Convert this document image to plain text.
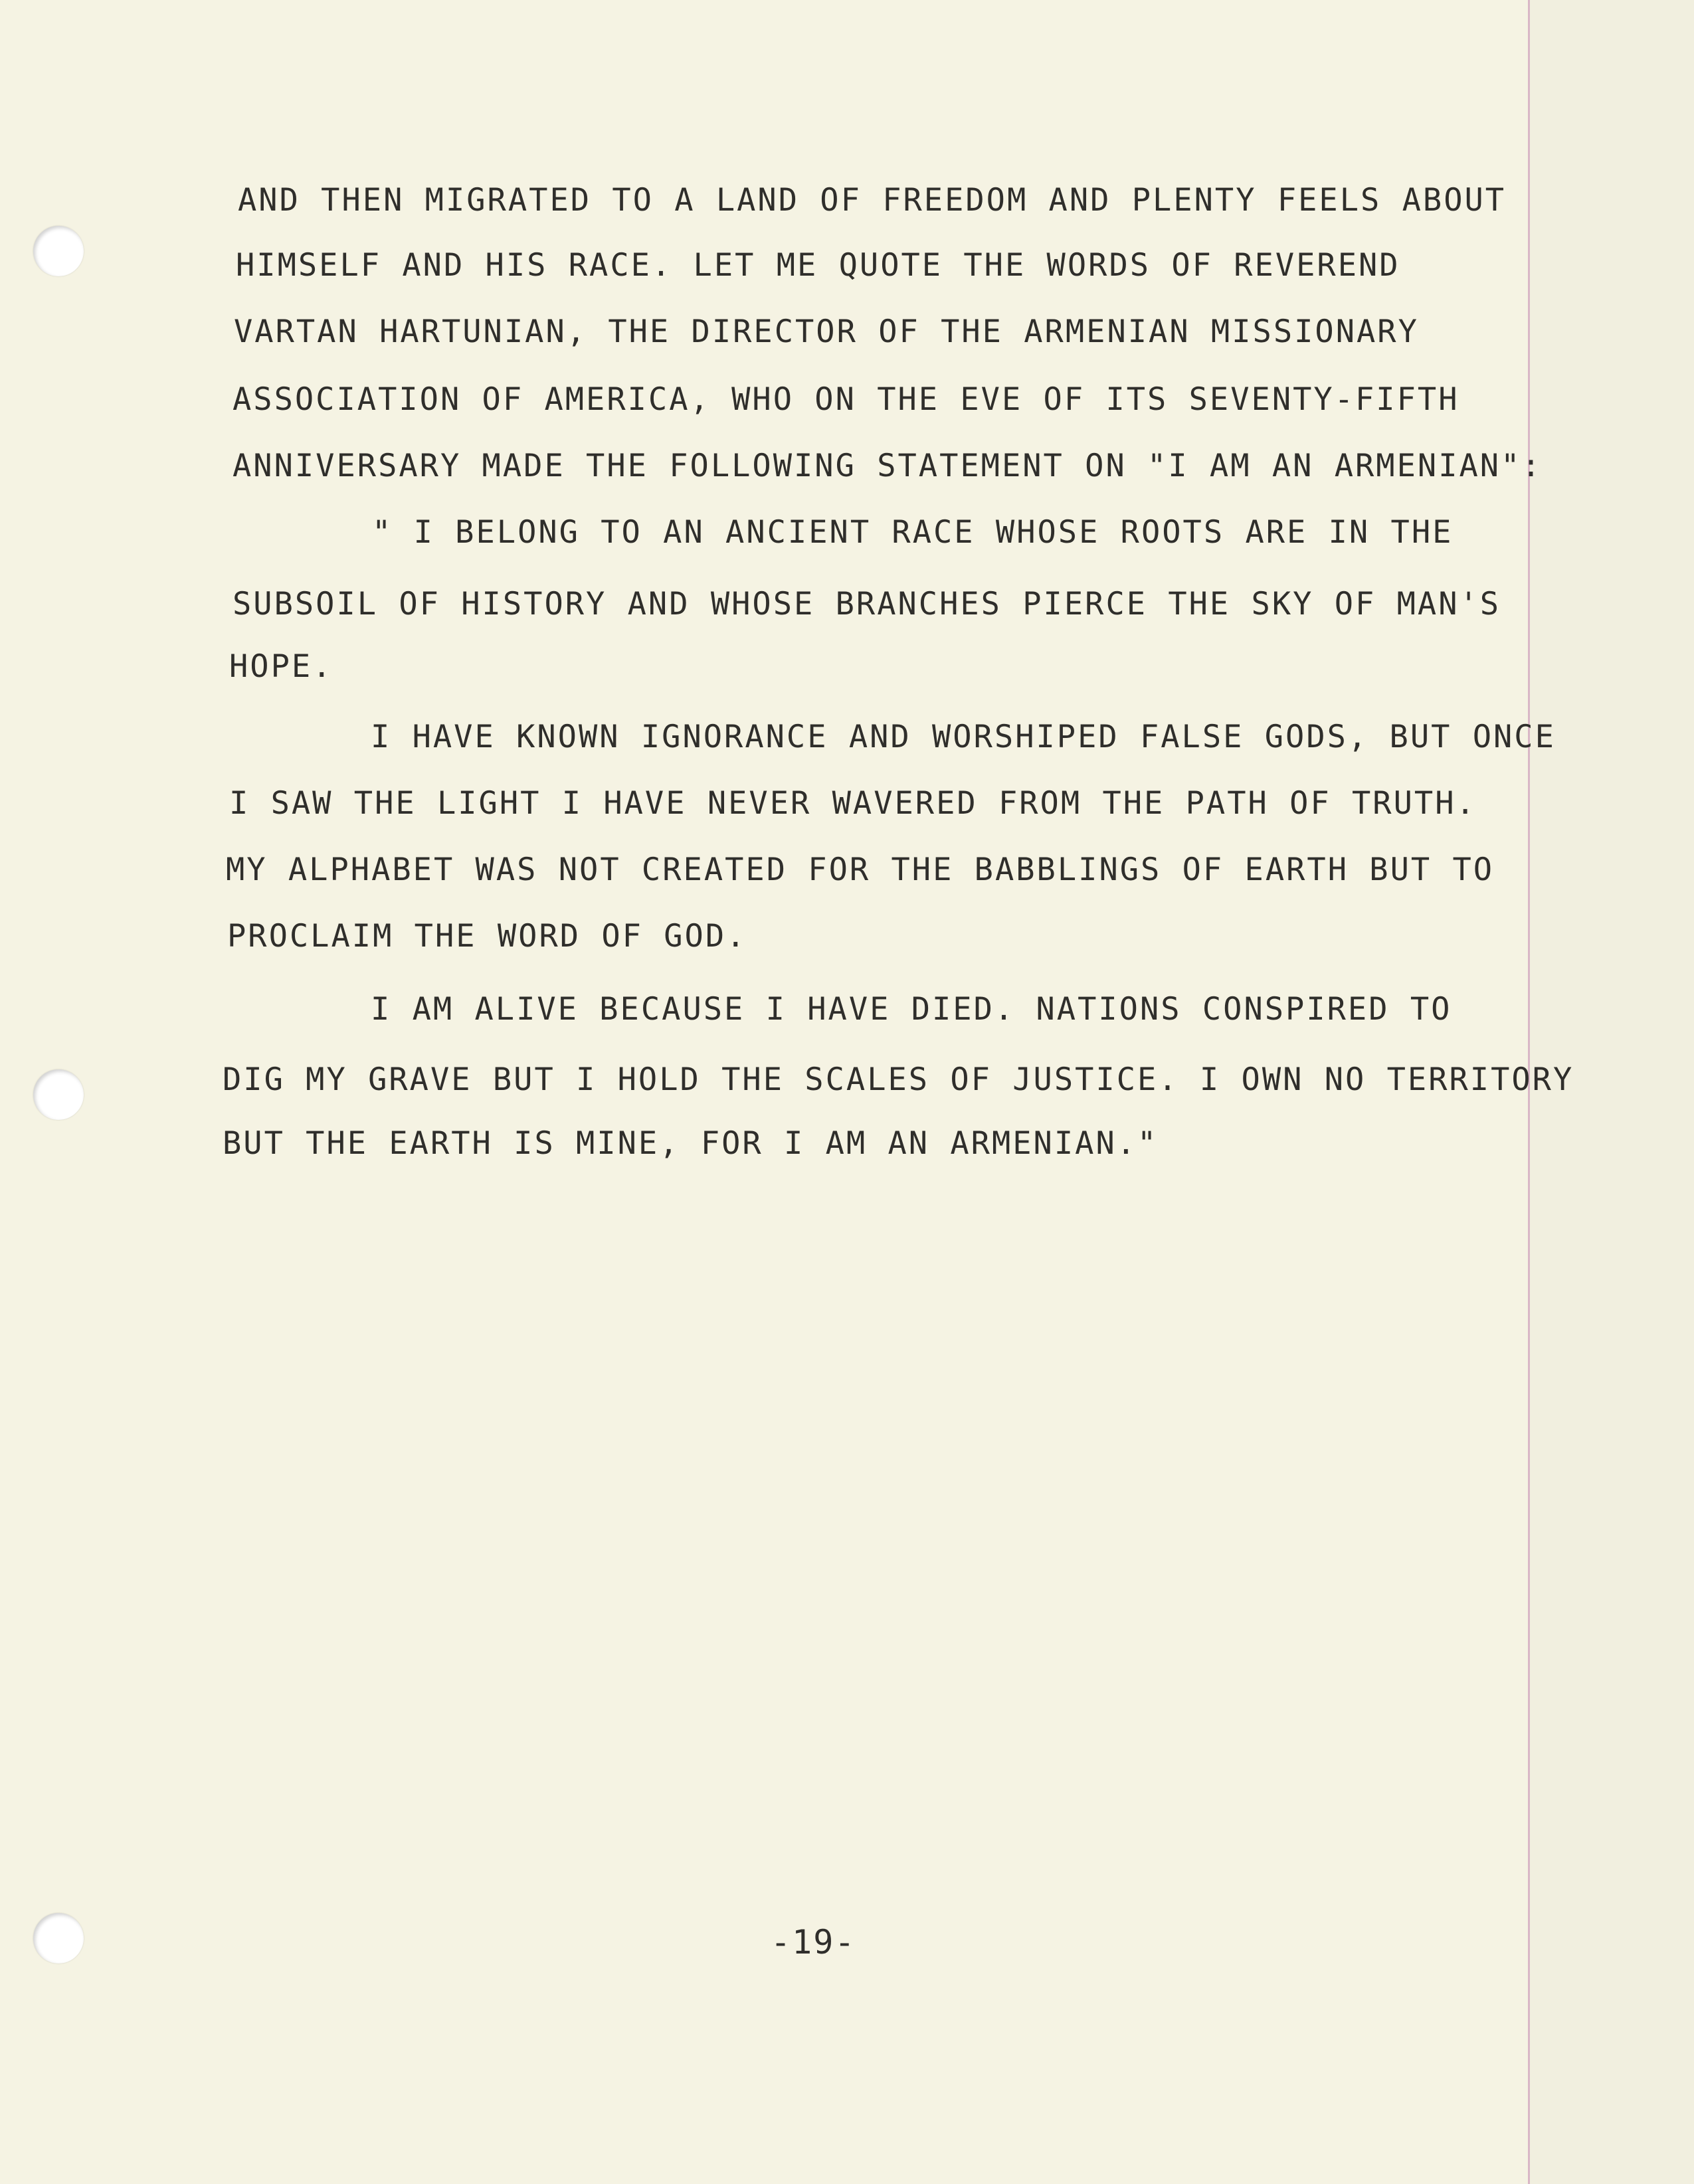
AND THEN MIGRATED TO A LAND OF FREEDOM AND PLENTY FEELS ABOUT

HIMSELF AND HIS RACE. LET ME QUOTE THE WORDS OF REVEREND

VARTAN HARTUNIAN, THE DIRECTOR OF THE ARMENIAN MISSIONARY

ASSOCIATION OF AMERICA, WHO ON THE EVE OF ITS SEVENTY-FIFTH

ANNIVERSARY MADE THE FOLLOWING STATEMENT ON "I AM AN ARMENIAN":

" I BELONG TO AN ANCIENT RACE WHOSE ROOTS ARE IN THE

SUBSOIL OF HISTORY AND WHOSE BRANCHES PIERCE THE SKY OF MAN'S

HOPE.

I HAVE KNOWN IGNORANCE AND WORSHIPED FALSE GODS, BUT ONCE

I SAW THE LIGHT I HAVE NEVER WAVERED FROM THE PATH OF TRUTH.

MY ALPHABET WAS NOT CREATED FOR THE BABBLINGS OF EARTH BUT TO

PROCLAIM THE WORD OF GOD.

I AM ALIVE BECAUSE I HAVE DIED. NATIONS CONSPIRED TO

DIG MY GRAVE BUT I HOLD THE SCALES OF JUSTICE. I OWN NO TERRITORY

BUT THE EARTH IS MINE, FOR I AM AN ARMENIAN."

-19-
